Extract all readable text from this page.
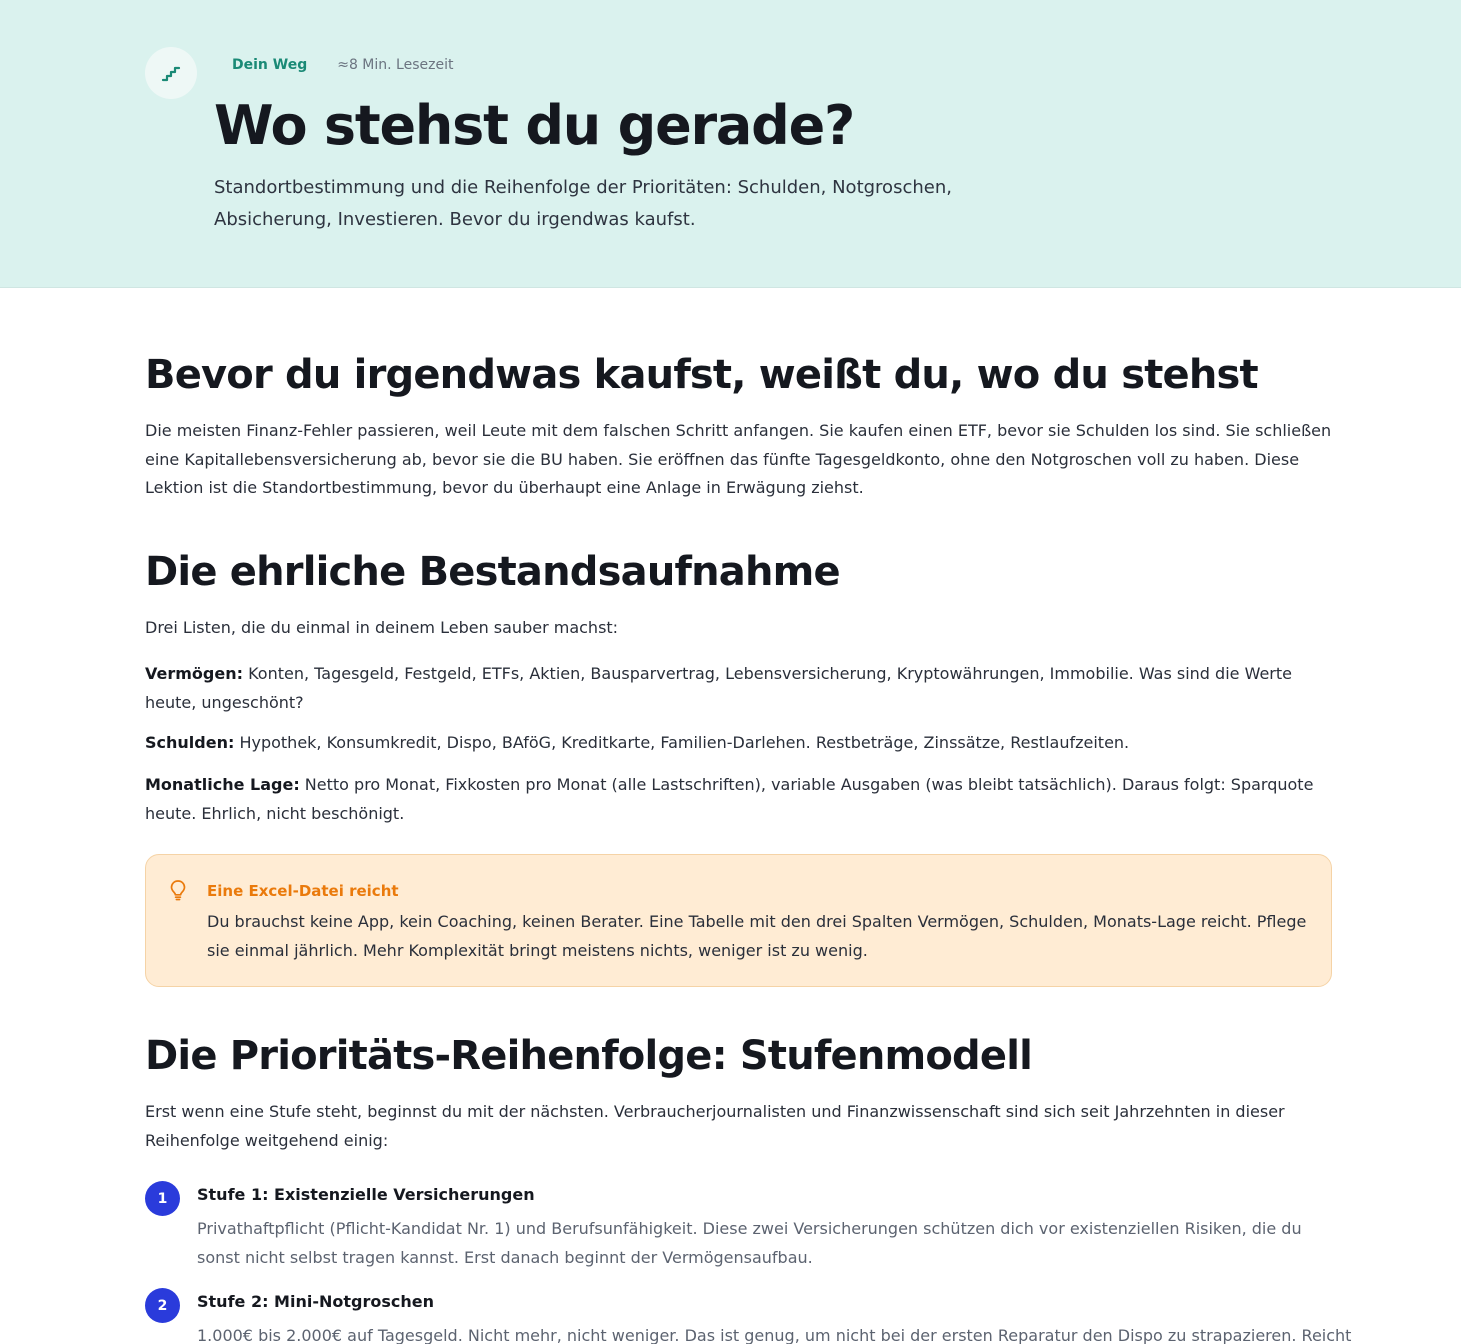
Dein Weg ≈8 Min. Lesezeit
Wo stehst du gerade?

Standortbestimmung und die Reihenfolge der Prioritäten: Schulden, Notgroschen, Absicherung, Investieren. Bevor du irgendwas kaufst.

Bevor du irgendwas kaufst, weißt du, wo du stehst

Die meisten Finanz-Fehler passieren, weil Leute mit dem falschen Schritt anfangen. Sie kaufen einen ETF, bevor sie Schulden los sind. Sie schließen eine Kapitallebensversicherung ab, bevor sie die BU haben. Sie eröffnen das fünfte Tagesgeldkonto, ohne den Notgroschen voll zu haben. Diese Lektion ist die Standortbestimmung, bevor du überhaupt eine Anlage in Erwägung ziehst.

Die ehrliche Bestandsaufnahme

Drei Listen, die du einmal in deinem Leben sauber machst:

Vermögen: Konten, Tagesgeld, Festgeld, ETFs, Aktien, Bausparvertrag, Lebensversicherung, Kryptowährungen, Immobilie. Was sind die Werte heute, ungeschönt?

Schulden: Hypothek, Konsumkredit, Dispo, BAföG, Kreditkarte, Familien-Darlehen. Restbeträge, Zinssätze, Restlaufzeiten.

Monatliche Lage: Netto pro Monat, Fixkosten pro Monat (alle Lastschriften), variable Ausgaben (was bleibt tatsächlich). Daraus folgt: Sparquote heute. Ehrlich, nicht beschönigt.

Eine Excel-Datei reicht

Du brauchst keine App, kein Coaching, keinen Berater. Eine Tabelle mit den drei Spalten Vermögen, Schulden, Monats-Lage reicht. Pflege sie einmal jährlich. Mehr Komplexität bringt meistens nichts, weniger ist zu wenig.

Die Prioritäts-Reihenfolge: Stufenmodell

Erst wenn eine Stufe steht, beginnst du mit der nächsten. Verbraucherjournalisten und Finanzwissenschaft sind sich seit Jahrzehnten in dieser Reihenfolge weitgehend einig:

1	Stufe 1: Existenzielle Versicherungen

Privathaftpflicht (Pflicht-Kandidat Nr. 1) und Berufsunfähigkeit. Diese zwei Versicherungen schützen dich vor existenziellen Risiken, die du sonst nicht selbst tragen kannst. Erst danach beginnt der Vermögensaufbau.

2	Stufe 2: Mini-Notgroschen

1.000€ bis 2.000€ auf Tagesgeld. Nicht mehr, nicht weniger. Das ist genug, um nicht bei der ersten Reparatur den Dispo zu strapazieren. Reicht
